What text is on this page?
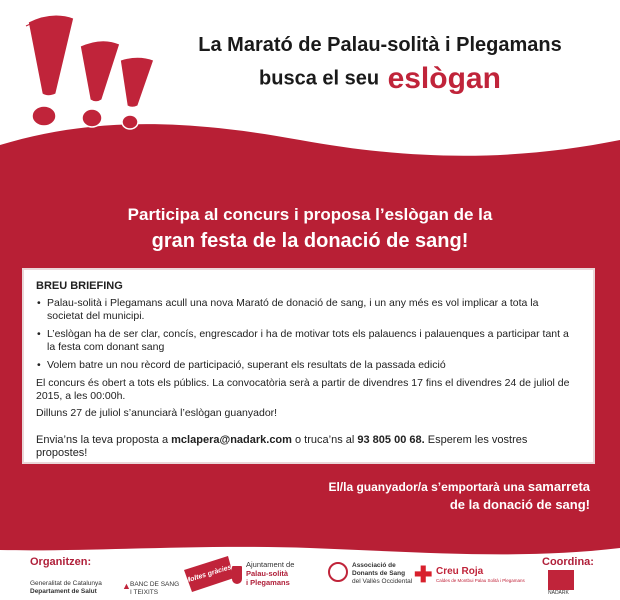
La Marató de Palau-solità i Plegamans
busca el seu eslògan
Participa al concurs i proposa l’eslògan de la
gran festa de la donació de sang!
BREU BRIEFING
• Palau-solità i Plegamans acull una nova Marató de donació de sang, i un any més es vol implicar a tota la societat del municipi.
• L’eslògan ha de ser clar, concís, engrescador i ha de motivar tots els palauencs i palauenques a participar tant a la festa com donant sang
• Volem batre un nou rècord de participació, superant els resultats de la passada edició

El concurs és obert a tots els públics. La convocatòria serà a partir de divendres 17 fins el divendres 24 de juliol de 2015, a les 00:00h.

Dilluns 27 de juliol s’anunciarà l’eslògan guanyador!

Envia’ns la teva proposta a mclapera@nadark.com o truca’ns al 93 805 00 68. Esperem les vostres propostes!

El/la guanyador/a s’emportarà una samarreta
de la donació de sang!
Organitzen:	Coordina:
Generalitat de Catalunya
Departament de Salut
▲ BANC DE SANG
I TEIXITS
Moltes gràcies Ajuntament de
Palau-solità
i Plegamans
Associació de
Donants de Sang
del Vallès Occidental ✚ Creu Roja
Caldes de Montbui Palau Solità i Plegamans
NADARK
